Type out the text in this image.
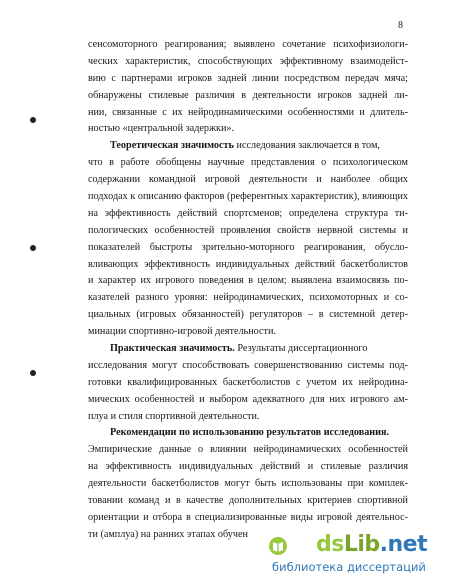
8
сенсомоторного реагирования; выявлено сочетание психофизиологи-
ческих характеристик, способствующих эффективному взаимодейст-
вию с партнерами игроков задней линии посредством передач мяча;
обнаружены стилевые различия в деятельности игроков задней ли-
нии, связанные с их нейродинамическими особенностями и длитель-
ностью «центральной задержки».
Теоретическая значимость исследования заключается в том,
что в работе обобщены научные представления о психологическом
содержании командной игровой деятельности и наиболее общих
подходах к описанию факторов (референтных характеристик), влияющих
на эффективность действий спортсменов; определена структура ти-
пологических особенностей проявления свойств нервной системы и
показателей быстроты зрительно-моторного реагирования, обусло-
вливающих эффективность индивидуальных действий баскетболистов
и характер их игрового поведения в целом; выявлена взаимосвязь по-
казателей разного уровня: нейродинамических, психомоторных и со-
циальных (игровых обязанностей) регуляторов – в системной детер-
минации спортивно-игровой деятельности.
Практическая значимость. Результаты диссертационного
исследования могут способствовать совершенствованию системы под-
готовки квалифицированных баскетболистов с учетом их нейродина-
мических особенностей и выбором адекватного для них игрового ам-
плуа и стиля спортивной деятельности.
Рекомендации по использованию результатов исследования.
Эмпирические данные о влиянии нейродинамических особенностей
на эффективность индивидуальных действий и стилевые различия
деятельности баскетболистов могут быть использованы при комплек-
товании команд и в качестве дополнительных критериев спортивной
ориентации и отбора в специализированные виды игровой деятельнос-
ти (амплуа) на ранних этапах обучен	dsLib.net
библиотека диссертаций
